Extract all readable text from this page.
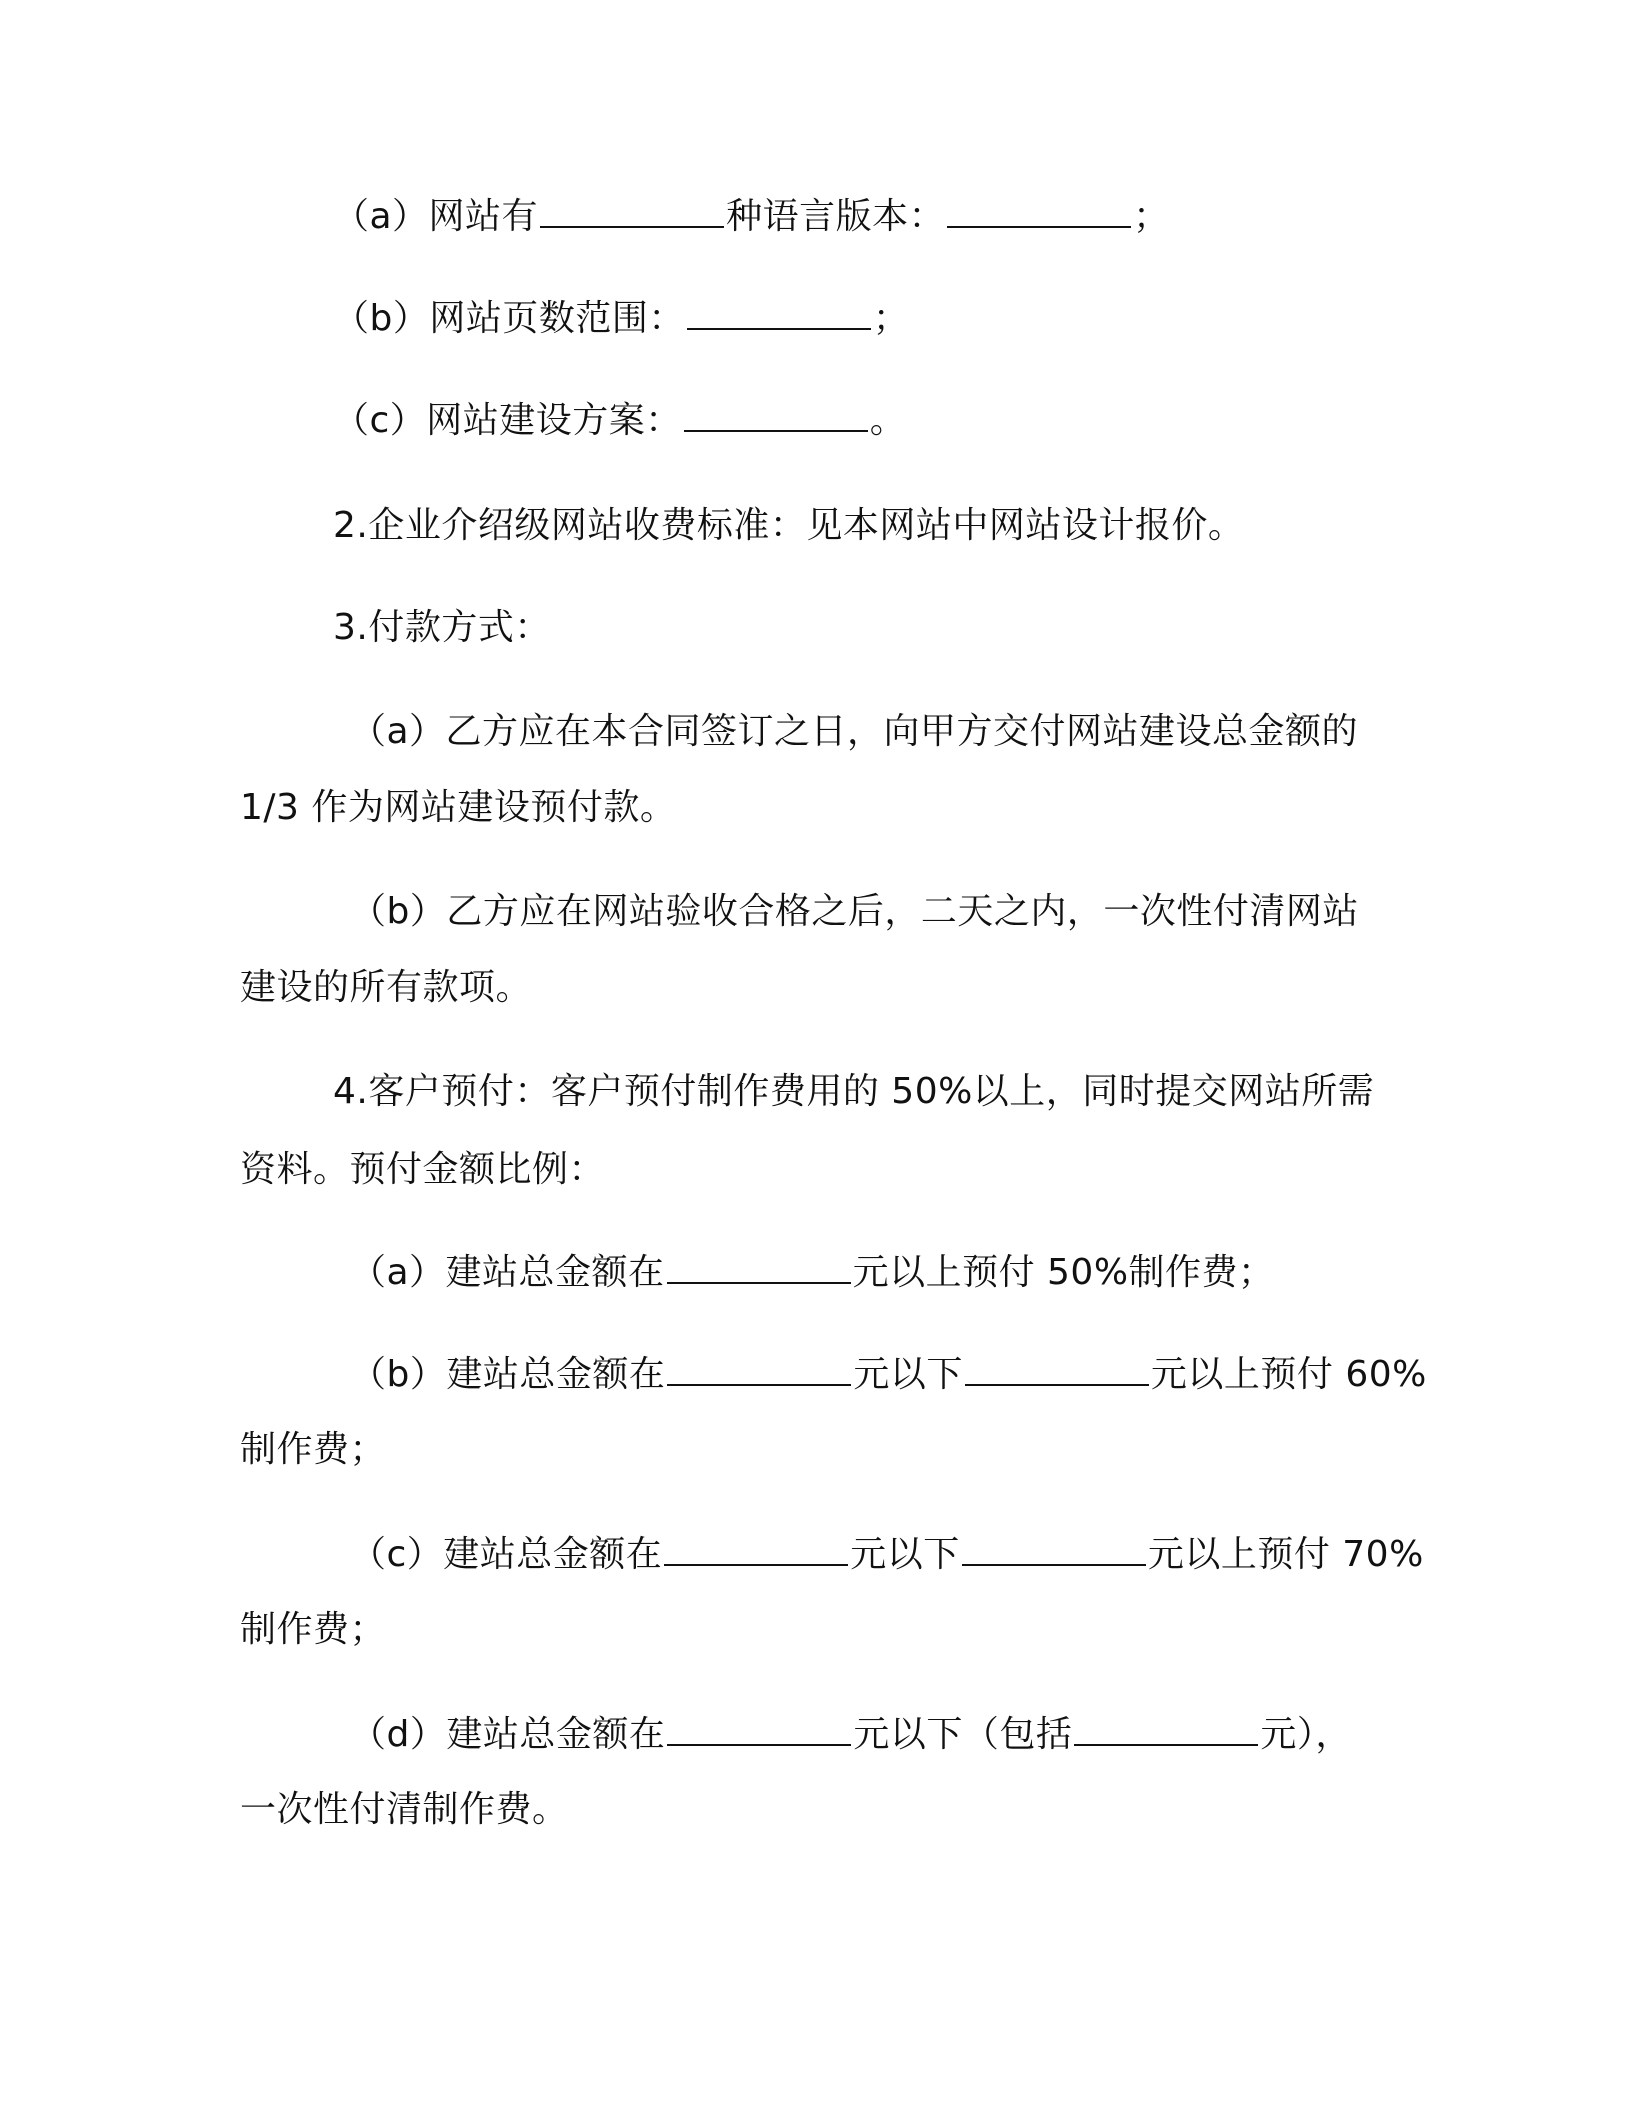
（a）网站有	种语言版本：	；
（b）网站页数范围：	；
（c）网站建设方案：	。
2.企业介绍级网站收费标准：见本网站中网站设计报价。
3.付款方式：
（a）乙方应在本合同签订之日，向甲方交付网站建设总金额的
1/3 作为网站建设预付款。
（b）乙方应在网站验收合格之后，二天之内，一次性付清网站
建设的所有款项。
4.客户预付：客户预付制作费用的 50%以上，同时提交网站所需
资料。预付金额比例：
（a）建站总金额在	元以上预付 50%制作费；
（b）建站总金额在	元以下	元以上预付 60%
制作费；
（c）建站总金额在	元以下	元以上预付 70%
制作费；
（d）建站总金额在	元以下（包括	元），
一次性付清制作费。
